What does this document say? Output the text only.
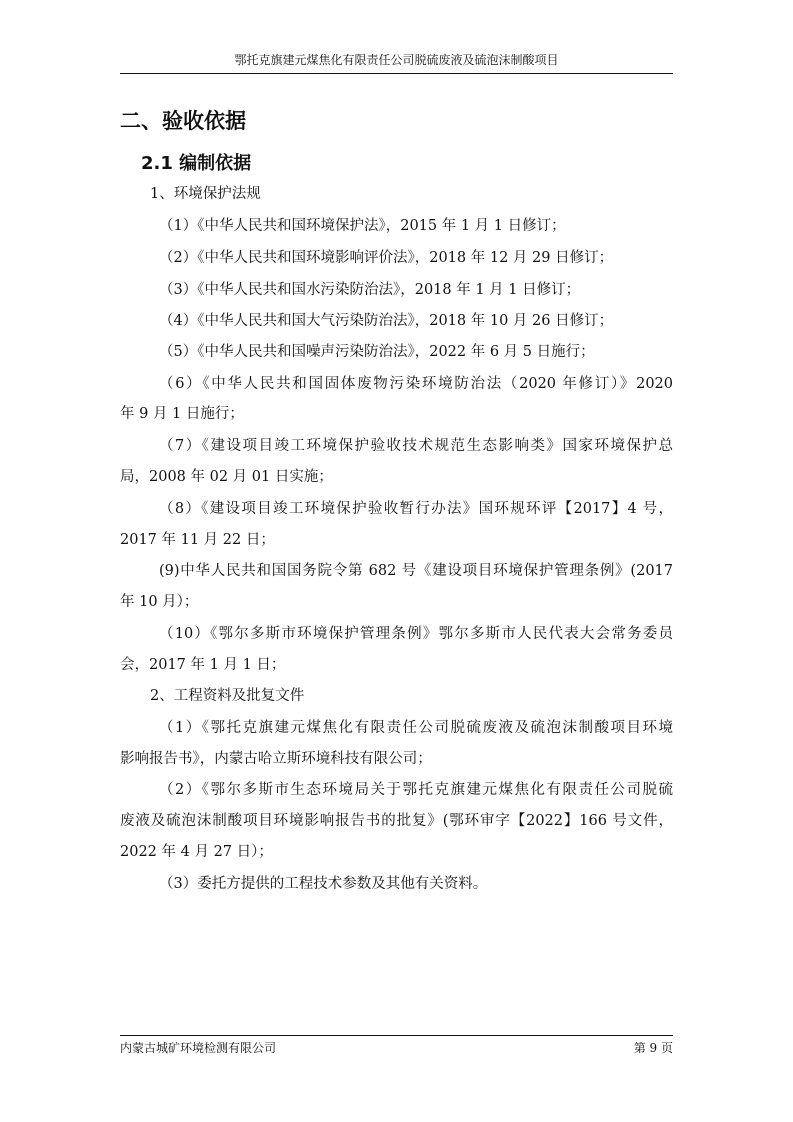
鄂托克旗建元煤焦化有限责任公司脱硫废液及硫泡沫制酸项目
二、验收依据
2.1 编制依据
1、环境保护法规
（1）《中华人民共和国环境保护法》，2015 年 1 月 1 日修订；
（2）《中华人民共和国环境影响评价法》，2018 年 12 月 29 日修订；
（3）《中华人民共和国水污染防治法》，2018 年 1 月 1 日修订；
（4）《中华人民共和国大气污染防治法》，2018 年 10 月 26 日修订；
（5）《中华人民共和国噪声污染防治法》，2022 年 6 月 5 日施行；
（6）《中华人民共和国固体废物污染环境防治法（2020 年修订）》2020
年 9 月 1 日施行；
（7）《建设项目竣工环境保护验收技术规范生态影响类》国家环境保护总
局，2008 年 02 月 01 日实施；
（8）《建设项目竣工环境保护验收暂行办法》国环规环评【2017】4 号，
2017 年 11 月 22 日；
(9)中华人民共和国国务院令第 682 号《建设项目环境保护管理条例》(2017
年 10 月）；
（10）《鄂尔多斯市环境保护管理条例》鄂尔多斯市人民代表大会常务委员
会，2017 年 1 月 1 日；
2、工程资料及批复文件
（1）《鄂托克旗建元煤焦化有限责任公司脱硫废液及硫泡沫制酸项目环境
影响报告书》，内蒙古哈立斯环境科技有限公司；
（2）《鄂尔多斯市生态环境局关于鄂托克旗建元煤焦化有限责任公司脱硫
废液及硫泡沫制酸项目环境影响报告书的批复》(鄂环审字【2022】166 号文件，
2022 年 4 月 27 日）；
（3）委托方提供的工程技术参数及其他有关资料。
内蒙古城矿环境检测有限公司	第 9 页
